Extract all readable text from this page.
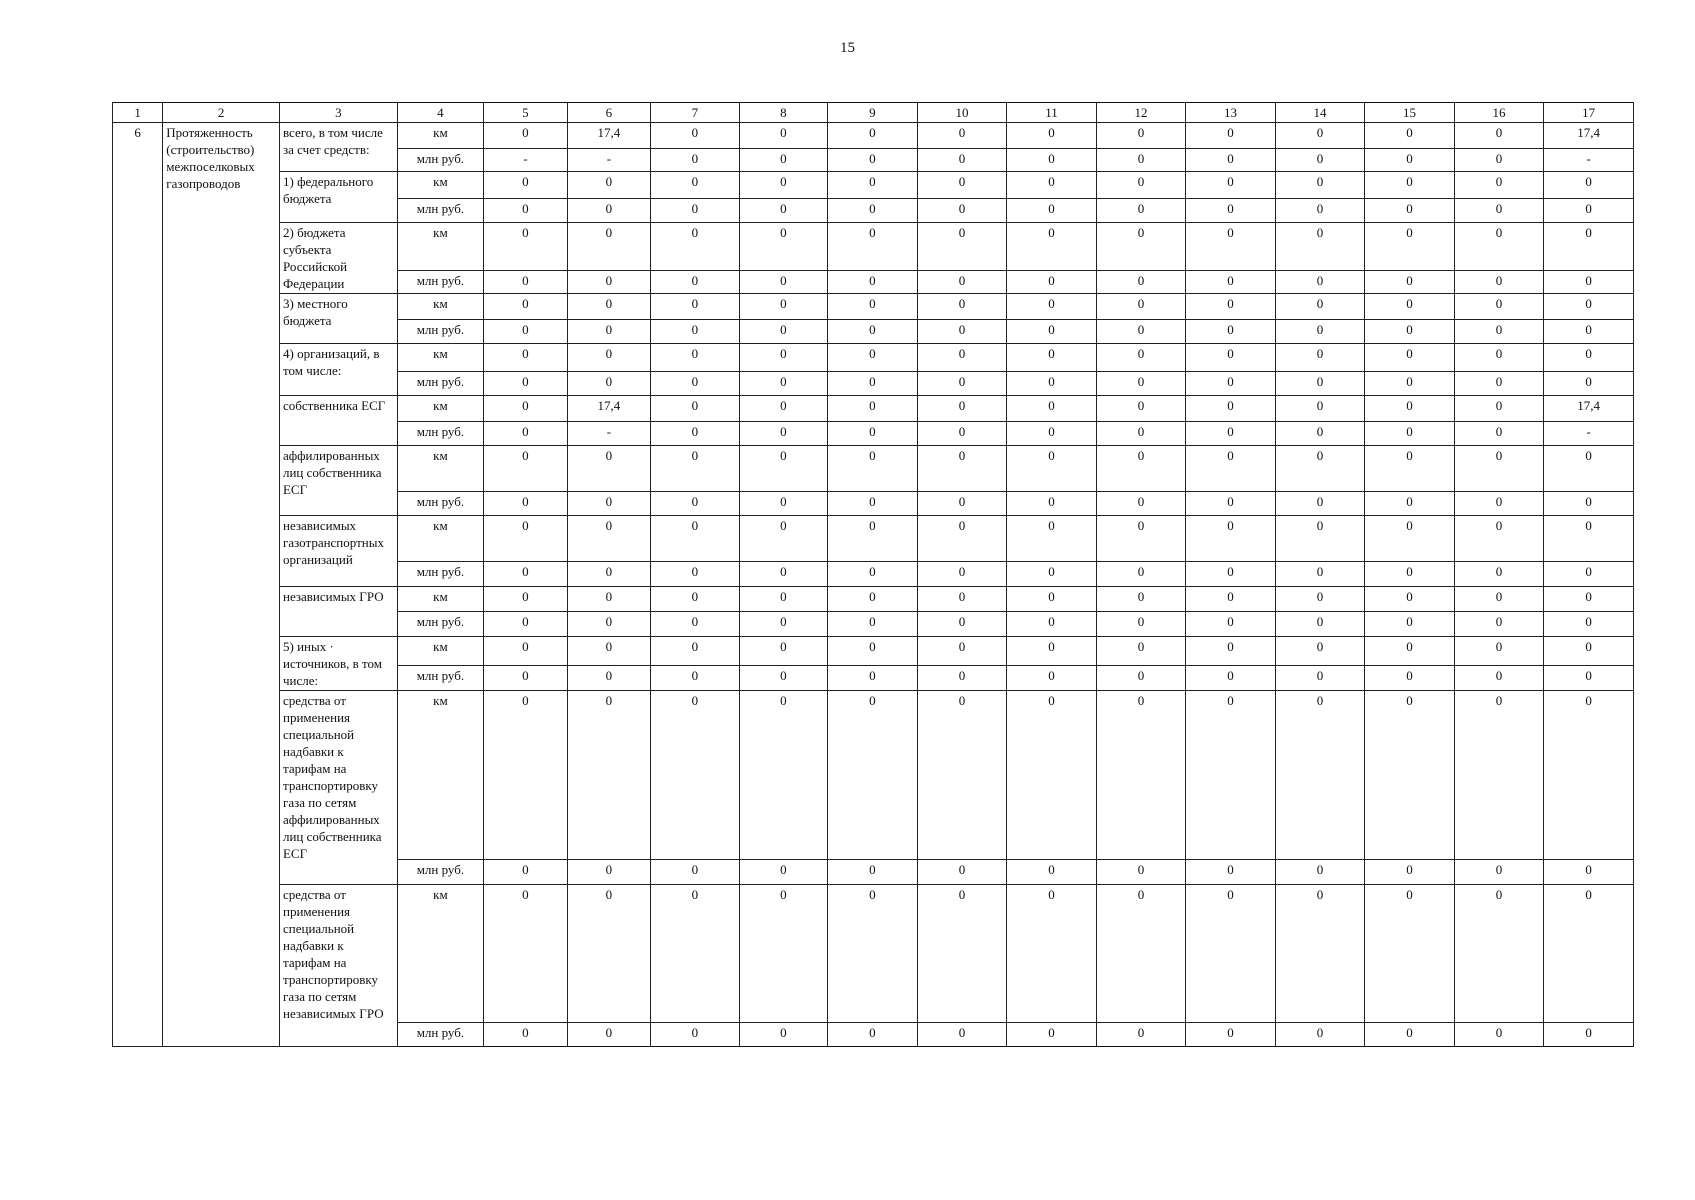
15
1	2	3	4	5	6	7	8	9	10	11	12	13	14	15	16	17
6	Протяженность (строительство) межпоселковых газопроводов	всего, в том числе за счет средств:	км	0	17,4	0	0	0	0	0	0	0	0	0	0	17,4
			млн руб.	-	-	0	0	0	0	0	0	0	0	0	0	-
		1) федерального бюджета	км	0	0	0	0	0	0	0	0	0	0	0	0	0
			млн руб.	0	0	0	0	0	0	0	0	0	0	0	0	0
		2) бюджета субъекта Российской Федерации	км	0	0	0	0	0	0	0	0	0	0	0	0	0
			млн руб.	0	0	0	0	0	0	0	0	0	0	0	0	0
		3) местного бюджета	км	0	0	0	0	0	0	0	0	0	0	0	0	0
			млн руб.	0	0	0	0	0	0	0	0	0	0	0	0	0
		4) организаций, в том числе:	км	0	0	0	0	0	0	0	0	0	0	0	0	0
			млн руб.	0	0	0	0	0	0	0	0	0	0	0	0	0
		собственника ЕСГ	км	0	17,4	0	0	0	0	0	0	0	0	0	0	17,4
			млн руб.	0	-	0	0	0	0	0	0	0	0	0	0	-
		аффилированных лиц собственника ЕСГ	км	0	0	0	0	0	0	0	0	0	0	0	0	0
			млн руб.	0	0	0	0	0	0	0	0	0	0	0	0	0
		независимых газотранспортных организаций	км	0	0	0	0	0	0	0	0	0	0	0	0	0
			млн руб.	0	0	0	0	0	0	0	0	0	0	0	0	0
		независимых ГРО	км	0	0	0	0	0	0	0	0	0	0	0	0	0
			млн руб.	0	0	0	0	0	0	0	0	0	0	0	0	0
		5) иных · источников, в том числе:	км	0	0	0	0	0	0	0	0	0	0	0	0	0
			млн руб.	0	0	0	0	0	0	0	0	0	0	0	0	0
		средства от применения специальной надбавки к тарифам на транспортировку газа по сетям аффилированных лиц собственника ЕСГ	км	0	0	0	0	0	0	0	0	0	0	0	0	0
			млн руб.	0	0	0	0	0	0	0	0	0	0	0	0	0
		средства от применения специальной надбавки к тарифам на транспортировку газа по сетям независимых ГРО	км	0	0	0	0	0	0	0	0	0	0	0	0	0
			млн руб.	0	0	0	0	0	0	0	0	0	0	0	0	0
